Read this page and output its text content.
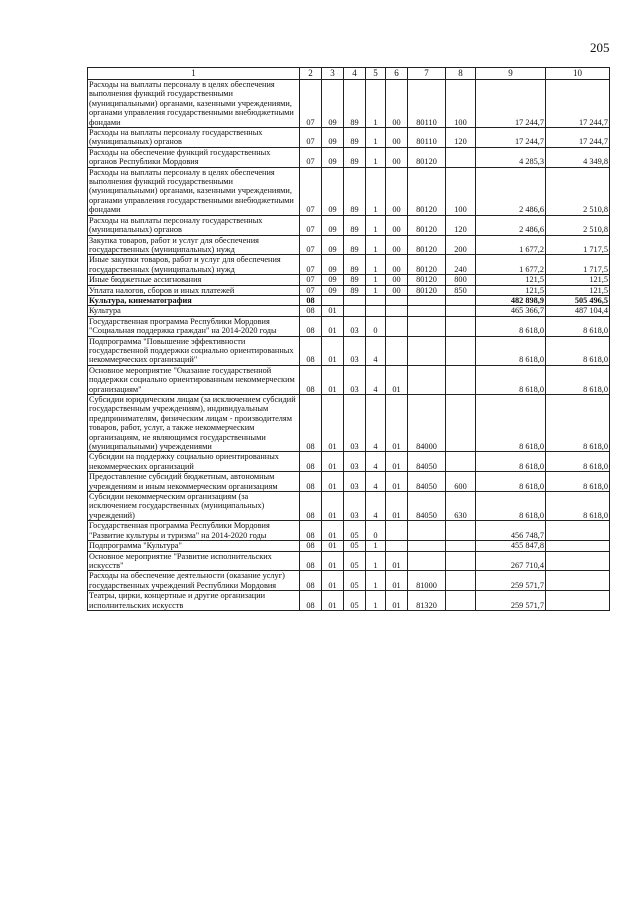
205
1	2	3	4	5	6	7	8	9	10
Расходы на выплаты персоналу в целях обеспечения выполнения функций государственными (муниципальными) органами, казенными учреждениями, органами управления государственными внебюджетными фондами	07	09	89	1	00	80110	100	17 244,7	17 244,7
Расходы на выплаты персоналу государственных (муниципальных) органов	07	09	89	1	00	80110	120	17 244,7	17 244,7
Расходы на обеспечение функций государственных органов Республики Мордовия	07	09	89	1	00	80120		4 285,3	4 349,8
Расходы на выплаты персоналу в целях обеспечения выполнения функций государственными (муниципальными) органами, казенными учреждениями, органами управления государственными внебюджетными фондами	07	09	89	1	00	80120	100	2 486,6	2 510,8
Расходы на выплаты персоналу государственных (муниципальных) органов	07	09	89	1	00	80120	120	2 486,6	2 510,8
Закупка товаров, работ и услуг для обеспечения государственных (муниципальных) нужд	07	09	89	1	00	80120	200	1 677,2	1 717,5
Иные закупки товаров, работ и услуг для обеспечения государственных (муниципальных) нужд	07	09	89	1	00	80120	240	1 677,2	1 717,5
Иные бюджетные ассигнования	07	09	89	1	00	80120	800	121,5	121,5
Уплата налогов, сборов и иных платежей	07	09	89	1	00	80120	850	121,5	121,5
Культура, кинематография	08							482 898,9	505 496,5
Культура	08	01						465 366,7	487 104,4
Государственная программа Республики Мордовия "Социальная поддержка граждан" на 2014-2020 годы	08	01	03	0				8 618,0	8 618,0
Подпрограмма "Повышение эффективности государственной поддержки социально ориентированных некоммерческих организаций"	08	01	03	4				8 618,0	8 618,0
Основное мероприятие "Оказание государственной поддержки социально ориентированным некоммерческим организациям"	08	01	03	4	01			8 618,0	8 618,0
Субсидии юридическим лицам (за исключением субсидий государственным учреждениям), индивидуальным предпринимателям, физическим лицам - производителям товаров, работ, услуг, а также некоммерческим организациям, не являющимся государственными (муниципальными) учреждениями	08	01	03	4	01	84000		8 618,0	8 618,0
Субсидии на поддержку социально ориентированных некоммерческих организаций	08	01	03	4	01	84050		8 618,0	8 618,0
Предоставление субсидий бюджетным, автономным учреждениям и иным некоммерческим организациям	08	01	03	4	01	84050	600	8 618,0	8 618,0
Субсидии некоммерческим организациям (за исключением государственных (муниципальных) учреждений)	08	01	03	4	01	84050	630	8 618,0	8 618,0
Государственная программа Республики Мордовия "Развитие культуры и туризма" на 2014-2020 годы	08	01	05	0				456 748,7	
Подпрограмма "Культура"	08	01	05	1				455 847,8	
Основное мероприятие "Развитие исполнительских искусств"	08	01	05	1	01			267 710,4	
Расходы на обеспечение деятельности (оказание услуг) государственных учреждений Республики Мордовия	08	01	05	1	01	81000		259 571,7	
Театры, цирки, концертные и другие организации исполнительских искусств	08	01	05	1	01	81320		259 571,7	
